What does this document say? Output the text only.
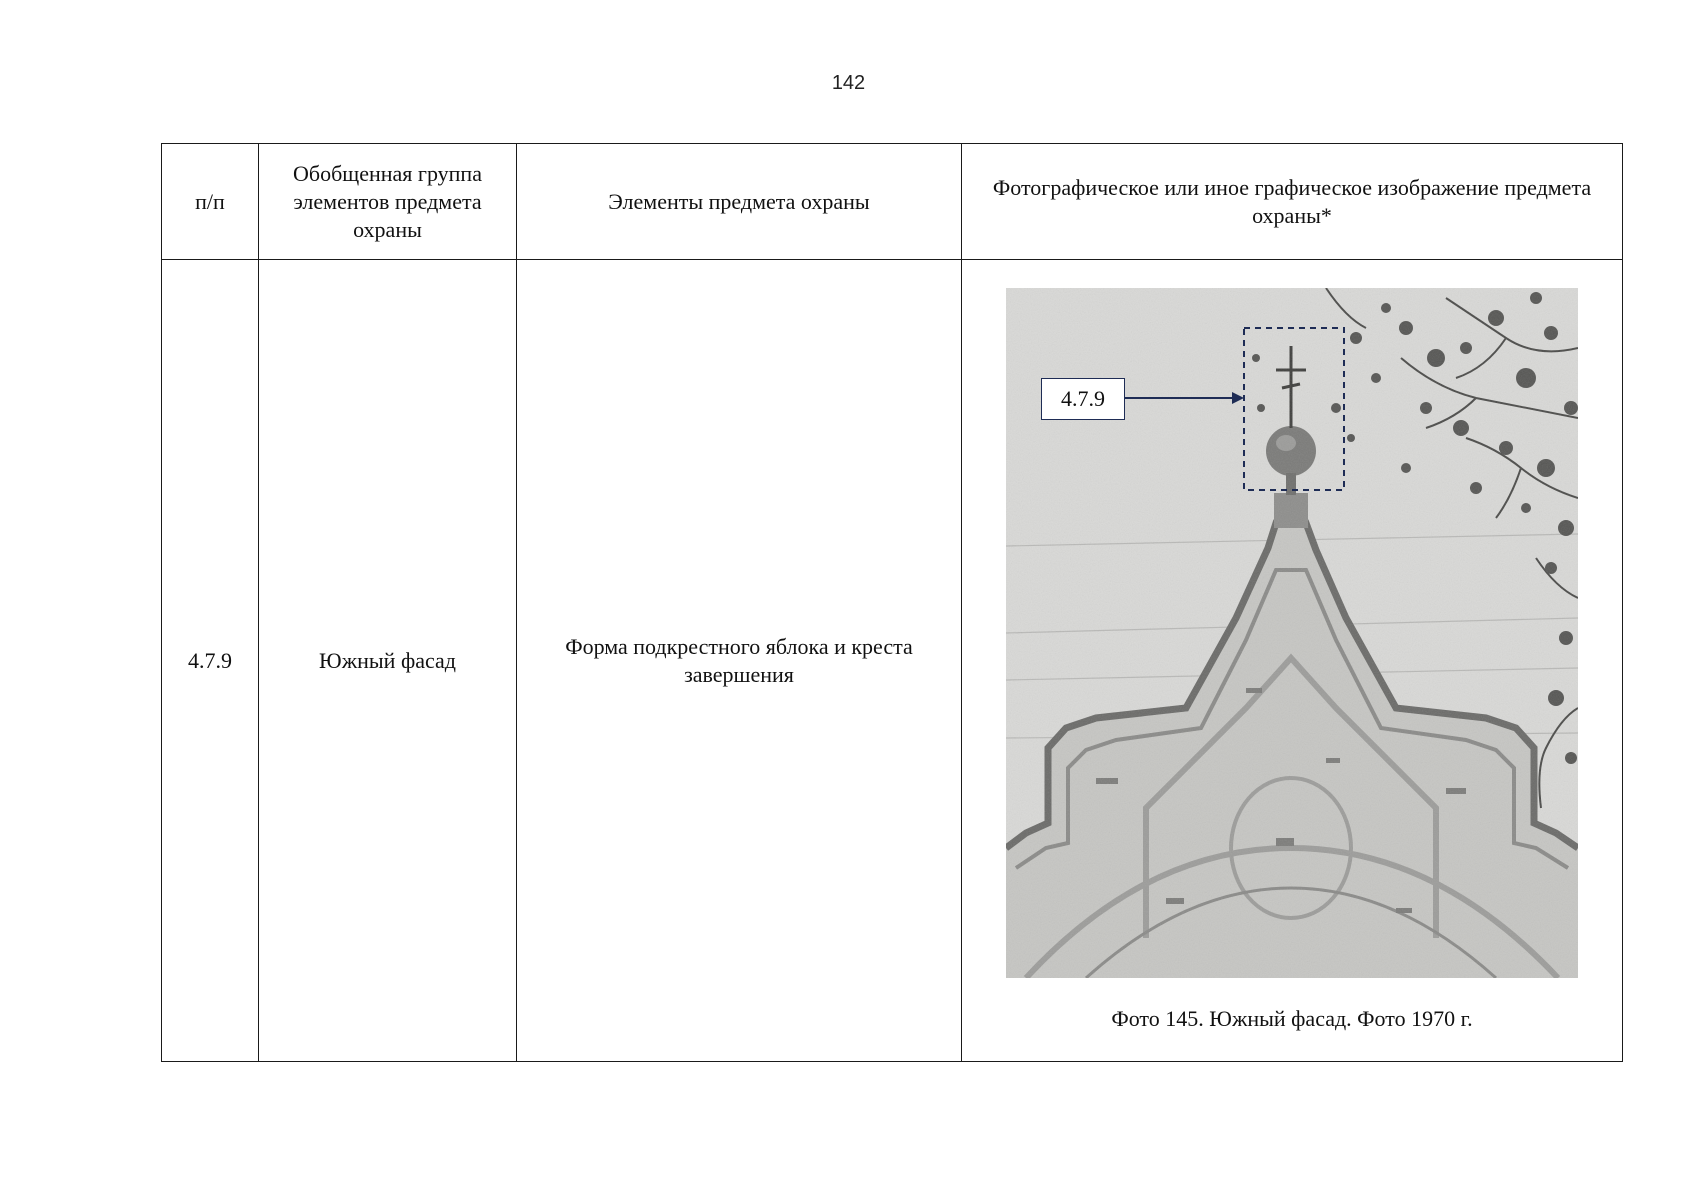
142
п/п	Обобщенная группа элементов предмета охраны	Элементы предмета охраны	Фотографическое или иное графическое изображение предмета охраны*
4.7.9	Южный фасад	Форма подкрестного яблока и креста завершения	4.7.9
Фото 145. Южный фасад. Фото 1970 г.
